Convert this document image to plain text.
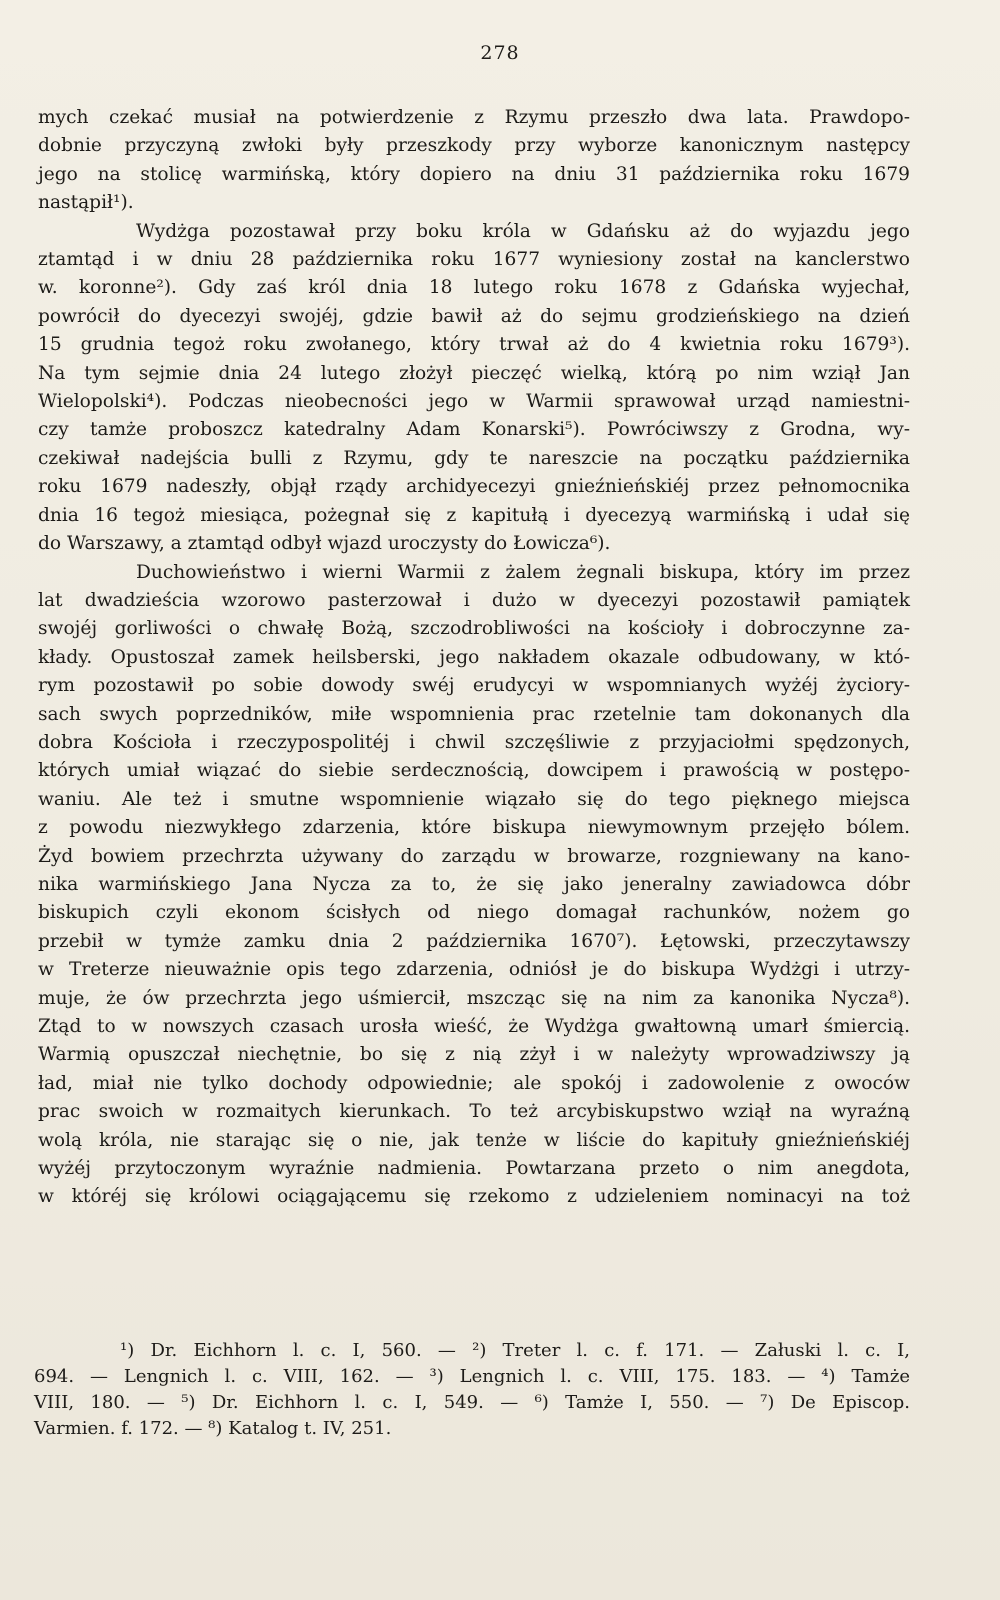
278
mych czekać musiał na potwierdzenie z Rzymu przeszło dwa lata. Prawdopo-
dobnie przyczyną zwłoki były przeszkody przy wyborze kanonicznym następcy
jego na stolicę warmińską, który dopiero na dniu 31 października roku 1679
nastąpił¹).
Wydżga pozostawał przy boku króla w Gdańsku aż do wyjazdu jego
ztamtąd i w dniu 28 października roku 1677 wyniesiony został na kanclerstwo
w. koronne²). Gdy zaś król dnia 18 lutego roku 1678 z Gdańska wyjechał,
powrócił do dyecezyi swojéj, gdzie bawił aż do sejmu grodzieńskiego na dzień
15 grudnia tegoż roku zwołanego, który trwał aż do 4 kwietnia roku 1679³).
Na tym sejmie dnia 24 lutego złożył pieczęć wielką, którą po nim wziął Jan
Wielopolski⁴). Podczas nieobecności jego w Warmii sprawował urząd namiestni-
czy tamże proboszcz katedralny Adam Konarski⁵). Powróciwszy z Grodna, wy-
czekiwał nadejścia bulli z Rzymu, gdy te nareszcie na początku października
roku 1679 nadeszły, objął rządy archidyecezyi gnieźnieńskiéj przez pełnomocnika
dnia 16 tegoż miesiąca, pożegnał się z kapitułą i dyecezyą warmińską i udał się
do Warszawy, a ztamtąd odbył wjazd uroczysty do Łowicza⁶).
Duchowieństwo i wierni Warmii z żalem żegnali biskupa, który im przez
lat dwadzieścia wzorowo pasterzował i dużo w dyecezyi pozostawił pamiątek
swojéj gorliwości o chwałę Bożą, szczodrobliwości na kościoły i dobroczynne za-
kłady. Opustoszał zamek heilsberski, jego nakładem okazale odbudowany, w któ-
rym pozostawił po sobie dowody swéj erudycyi w wspomnianych wyżéj życiory-
sach swych poprzedników, miłe wspomnienia prac rzetelnie tam dokonanych dla
dobra Kościoła i rzeczypospolitéj i chwil szczęśliwie z przyjaciołmi spędzonych,
których umiał wiązać do siebie serdecznością, dowcipem i prawością w postępo-
waniu. Ale też i smutne wspomnienie wiązało się do tego pięknego miejsca
z powodu niezwykłego zdarzenia, które biskupa niewymownym przejęło bólem.
Żyd bowiem przechrzta używany do zarządu w browarze, rozgniewany na kano-
nika warmińskiego Jana Nycza za to, że się jako jeneralny zawiadowca dóbr
biskupich czyli ekonom ścisłych od niego domagał rachunków, nożem go
przebił w tymże zamku dnia 2 października 1670⁷). Łętowski, przeczytawszy
w Treterze nieuważnie opis tego zdarzenia, odniósł je do biskupa Wydżgi i utrzy-
muje, że ów przechrzta jego uśmiercił, mszcząc się na nim za kanonika Nycza⁸).
Ztąd to w nowszych czasach urosła wieść, że Wydżga gwałtowną umarł śmiercią.
Warmią opuszczał niechętnie, bo się z nią zżył i w należyty wprowadziwszy ją
ład, miał nie tylko dochody odpowiednie; ale spokój i zadowolenie z owoców
prac swoich w rozmaitych kierunkach. To też arcybiskupstwo wziął na wyraźną
wolą króla, nie starając się o nie, jak tenże w liście do kapituły gnieźnieńskiéj
wyżéj przytoczonym wyraźnie nadmienia. Powtarzana przeto o nim anegdota,
w któréj się królowi ociągającemu się rzekomo z udzieleniem nominacyi na toż
¹) Dr. Eichhorn l. c. I, 560. — ²) Treter l. c. f. 171. — Załuski l. c. I,
694. — Lengnich l. c. VIII, 162. — ³) Lengnich l. c. VIII, 175. 183. — ⁴) Tamże
VIII, 180. — ⁵) Dr. Eichhorn l. c. I, 549. — ⁶) Tamże I, 550. — ⁷) De Episcop.
Varmien. f. 172. — ⁸) Katalog t. IV, 251.
